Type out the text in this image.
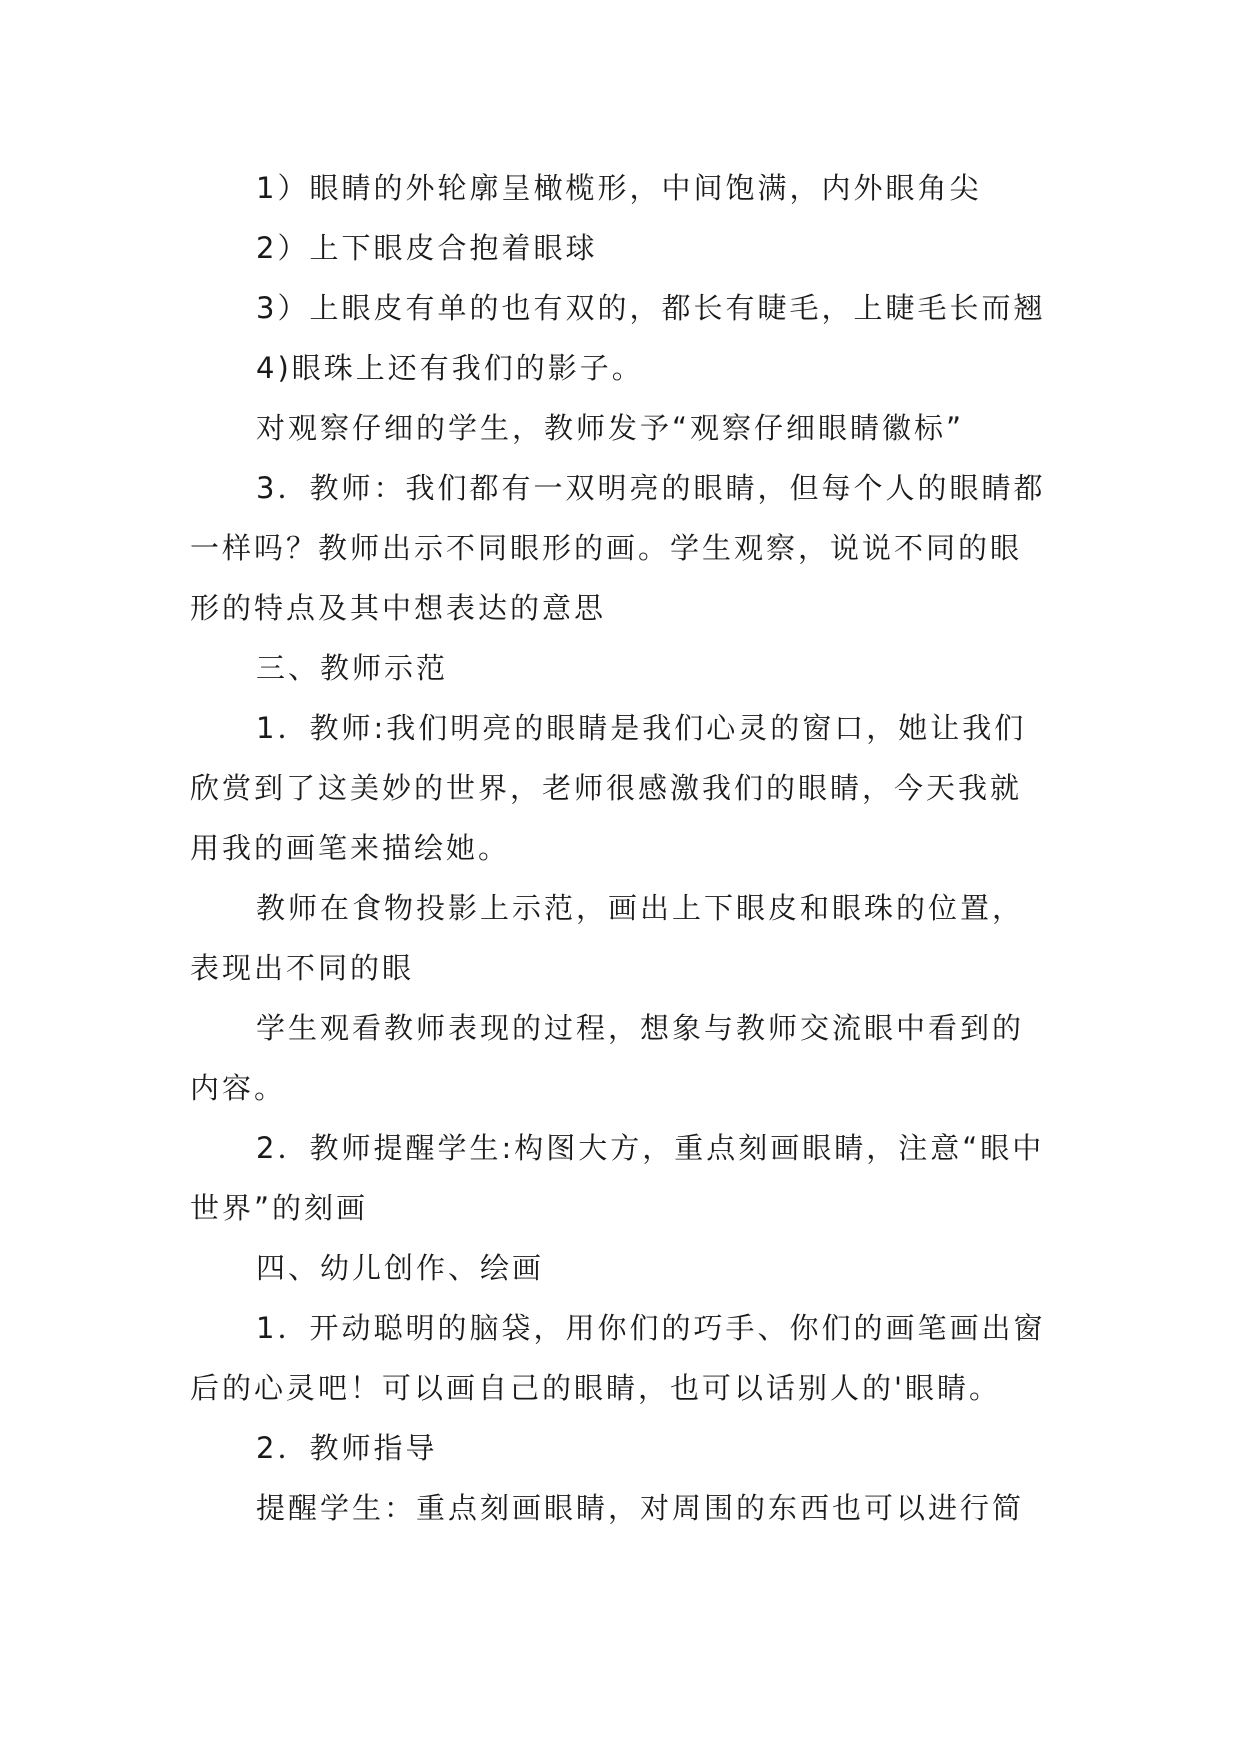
1）眼睛的外轮廓呈橄榄形，中间饱满，内外眼角尖

2）上下眼皮合抱着眼球

3）上眼皮有单的也有双的，都长有睫毛，上睫毛长而翘

4)眼珠上还有我们的影子。

对观察仔细的学生，教师发予“观察仔细眼睛徽标”

3．教师：我们都有一双明亮的眼睛，但每个人的眼睛都一样吗？教师出示不同眼形的画。学生观察，说说不同的眼形的特点及其中想表达的意思

三、教师示范

1．教师:我们明亮的眼睛是我们心灵的窗口，她让我们欣赏到了这美妙的世界，老师很感激我们的眼睛，今天我就用我的画笔来描绘她。

教师在食物投影上示范，画出上下眼皮和眼珠的位置，表现出不同的眼

学生观看教师表现的过程，想象与教师交流眼中看到的内容。

2．教师提醒学生:构图大方，重点刻画眼睛，注意“眼中世界”的刻画

四、幼儿创作、绘画

1．开动聪明的脑袋，用你们的巧手、你们的画笔画出窗后的心灵吧！可以画自己的眼睛，也可以话别人的'眼睛。

2．教师指导

提醒学生：重点刻画眼睛，对周围的东西也可以进行简
